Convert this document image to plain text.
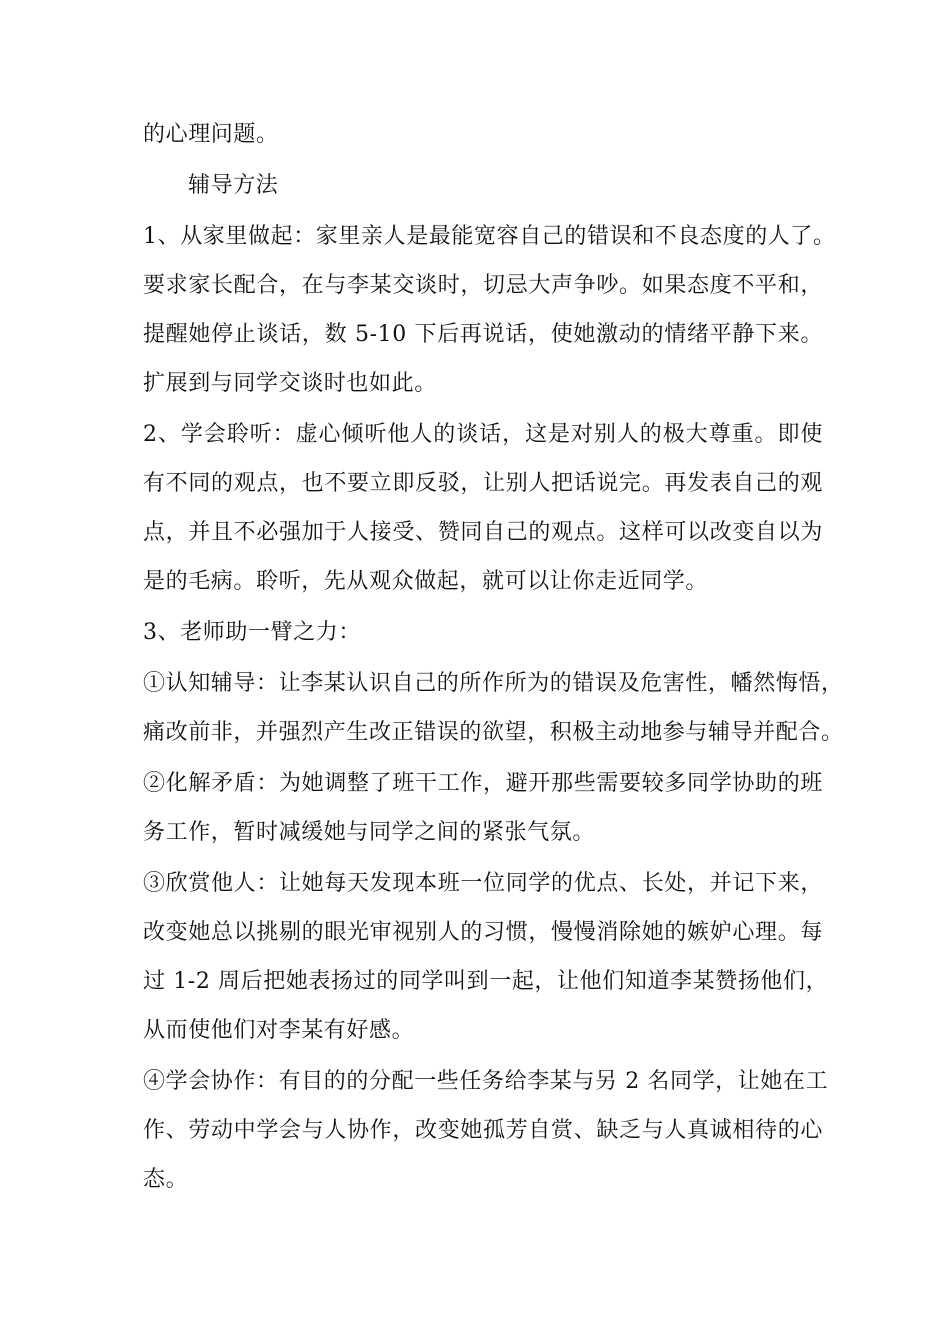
的心理问题。
辅导方法
1、从家里做起：家里亲人是最能宽容自己的错误和不良态度的人了。
要求家长配合，在与李某交谈时，切忌大声争吵。如果态度不平和，
提醒她停止谈话，数 5-10 下后再说话，使她激动的情绪平静下来。
扩展到与同学交谈时也如此。
2、学会聆听：虚心倾听他人的谈话，这是对别人的极大尊重。即使
有不同的观点，也不要立即反驳，让别人把话说完。再发表自己的观
点，并且不必强加于人接受、赞同自己的观点。这样可以改变自以为
是的毛病。聆听，先从观众做起，就可以让你走近同学。
3、老师助一臂之力：
①认知辅导：让李某认识自己的所作所为的错误及危害性，幡然悔悟，
痛改前非，并强烈产生改正错误的欲望，积极主动地参与辅导并配合。
②化解矛盾：为她调整了班干工作，避开那些需要较多同学协助的班
务工作，暂时减缓她与同学之间的紧张气氛。
③欣赏他人：让她每天发现本班一位同学的优点、长处，并记下来，
改变她总以挑剔的眼光审视别人的习惯，慢慢消除她的嫉妒心理。每
过 1-2 周后把她表扬过的同学叫到一起，让他们知道李某赞扬他们，
从而使他们对李某有好感。
④学会协作：有目的的分配一些任务给李某与另 2 名同学，让她在工
作、劳动中学会与人协作，改变她孤芳自赏、缺乏与人真诚相待的心
态。
